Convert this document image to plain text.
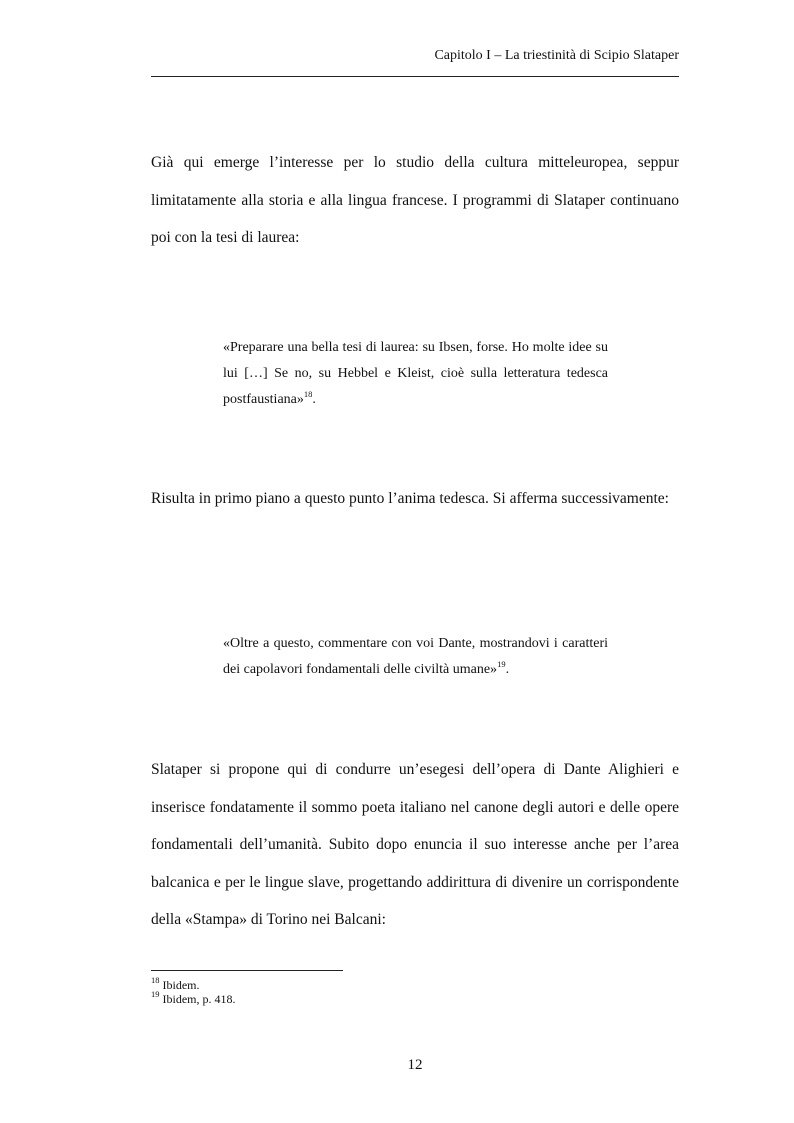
Capitolo I – La triestinità di Scipio Slataper

Già qui emerge l’interesse per lo studio della cultura mitteleuropea, seppur limitatamente alla storia e alla lingua francese. I programmi di Slataper continuano poi con la tesi di laurea:

«Preparare una bella tesi di laurea: su Ibsen, forse. Ho molte idee su lui […] Se no, su Hebbel e Kleist, cioè sulla letteratura tedesca postfaustiana»$^{18}$.

Risulta in primo piano a questo punto l’anima tedesca. Si afferma successivamente:

«Oltre a questo, commentare con voi Dante, mostrandovi i caratteri dei capolavori fondamentali delle civiltà umane»$^{19}$.

Slataper si propone qui di condurre un’esegesi dell’opera di Dante Alighieri e inserisce fondatamente il sommo poeta italiano nel canone degli autori e delle opere fondamentali dell’umanità. Subito dopo enuncia il suo interesse anche per l’area balcanica e per le lingue slave, progettando addirittura di divenire un corrispondente della «Stampa» di Torino nei Balcani:

$^{18}$ Ibidem.
$^{19}$ Ibidem, p. 418.
12
